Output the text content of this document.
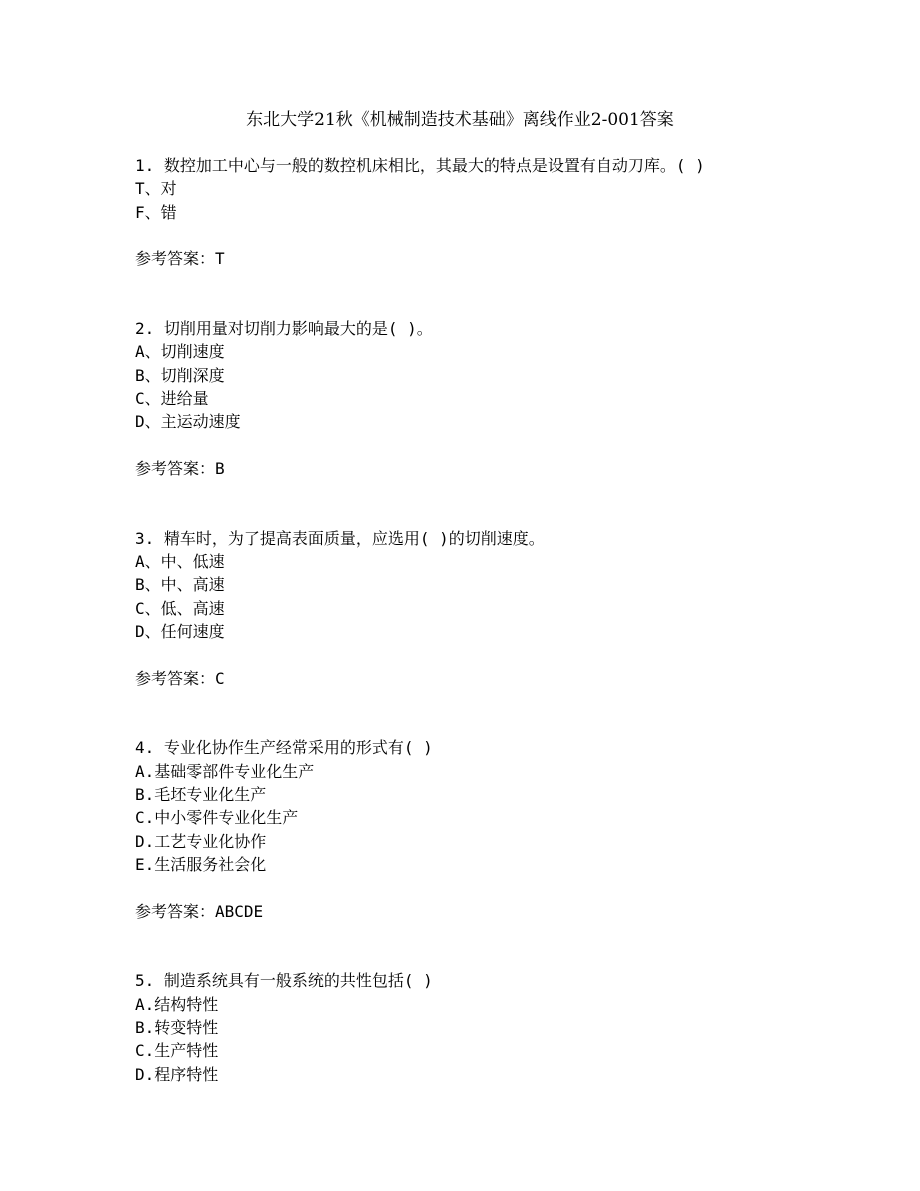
东北大学21秋《机械制造技术基础》离线作业2-001答案
1. 数控加工中心与一般的数控机床相比，其最大的特点是设置有自动刀库。( )
T、对
F、错
参考答案：T
2. 切削用量对切削力影响最大的是( )。
A、切削速度
B、切削深度
C、进给量
D、主运动速度
参考答案：B
3. 精车时，为了提高表面质量，应选用( )的切削速度。
A、中、低速
B、中、高速
C、低、高速
D、任何速度
参考答案：C
4. 专业化协作生产经常采用的形式有( )
A.基础零部件专业化生产
B.毛坯专业化生产
C.中小零件专业化生产
D.工艺专业化协作
E.生活服务社会化
参考答案：ABCDE
5. 制造系统具有一般系统的共性包括( )
A.结构特性
B.转变特性
C.生产特性
D.程序特性
